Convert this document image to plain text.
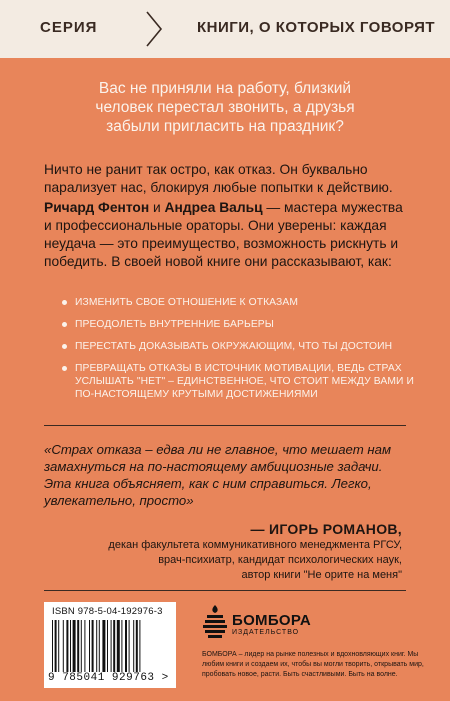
СЕРИЯ	КНИГИ, О КОТОРЫХ ГОВОРЯТ
Вас не приняли на работу, близкий человек перестал звонить, а друзья забыли пригласить на праздник?

Ничто не ранит так остро, как отказ. Он буквально парализует нас, блокируя любые попытки к действию.

Ричард Фентон и Андреа Вальц — мастера мужества и профессиональные ораторы. Они уверены: каждая неудача — это преимущество, возможность рискнуть и победить. В своей новой книге они рассказывают, как:

ИЗМЕНИТЬ СВОЕ ОТНОШЕНИЕ К ОТКАЗАМ
ПРЕОДОЛЕТЬ ВНУТРЕННИЕ БАРЬЕРЫ
ПЕРЕСТАТЬ ДОКАЗЫВАТЬ ОКРУЖАЮЩИМ, ЧТО ТЫ ДОСТОИН
ПРЕВРАЩАТЬ ОТКАЗЫ В ИСТОЧНИК МОТИВАЦИИ, ВЕДЬ СТРАХ УСЛЫШАТЬ "НЕТ" – ЕДИНСТВЕННОЕ, ЧТО СТОИТ МЕЖДУ ВАМИ И ПО-НАСТОЯЩЕМУ КРУТЫМИ ДОСТИЖЕНИЯМИ

«Страх отказа – едва ли не главное, что мешает нам замахнуться на по-настоящему амбициозные задачи. Эта книга объясняет, как с ним справиться. Легко, увлекательно, просто»

— ИГОРЬ РОМАНОВ,
декан факультета коммуникативного менеджмента РГСУ,
врач-психиатр, кандидат психологических наук,
автор книги "Не орите на меня"
ISBN 978-5-04-192976-3
9 785041 929763 >
БОМБОРА
ИЗДАТЕЛЬСТВО

БОМБОРА – лидер на рынке полезных и вдохновляющих книг. Мы любим книги и создаем их, чтобы вы могли творить, открывать мир, пробовать новое, расти. Быть счастливыми. Быть на волне.
